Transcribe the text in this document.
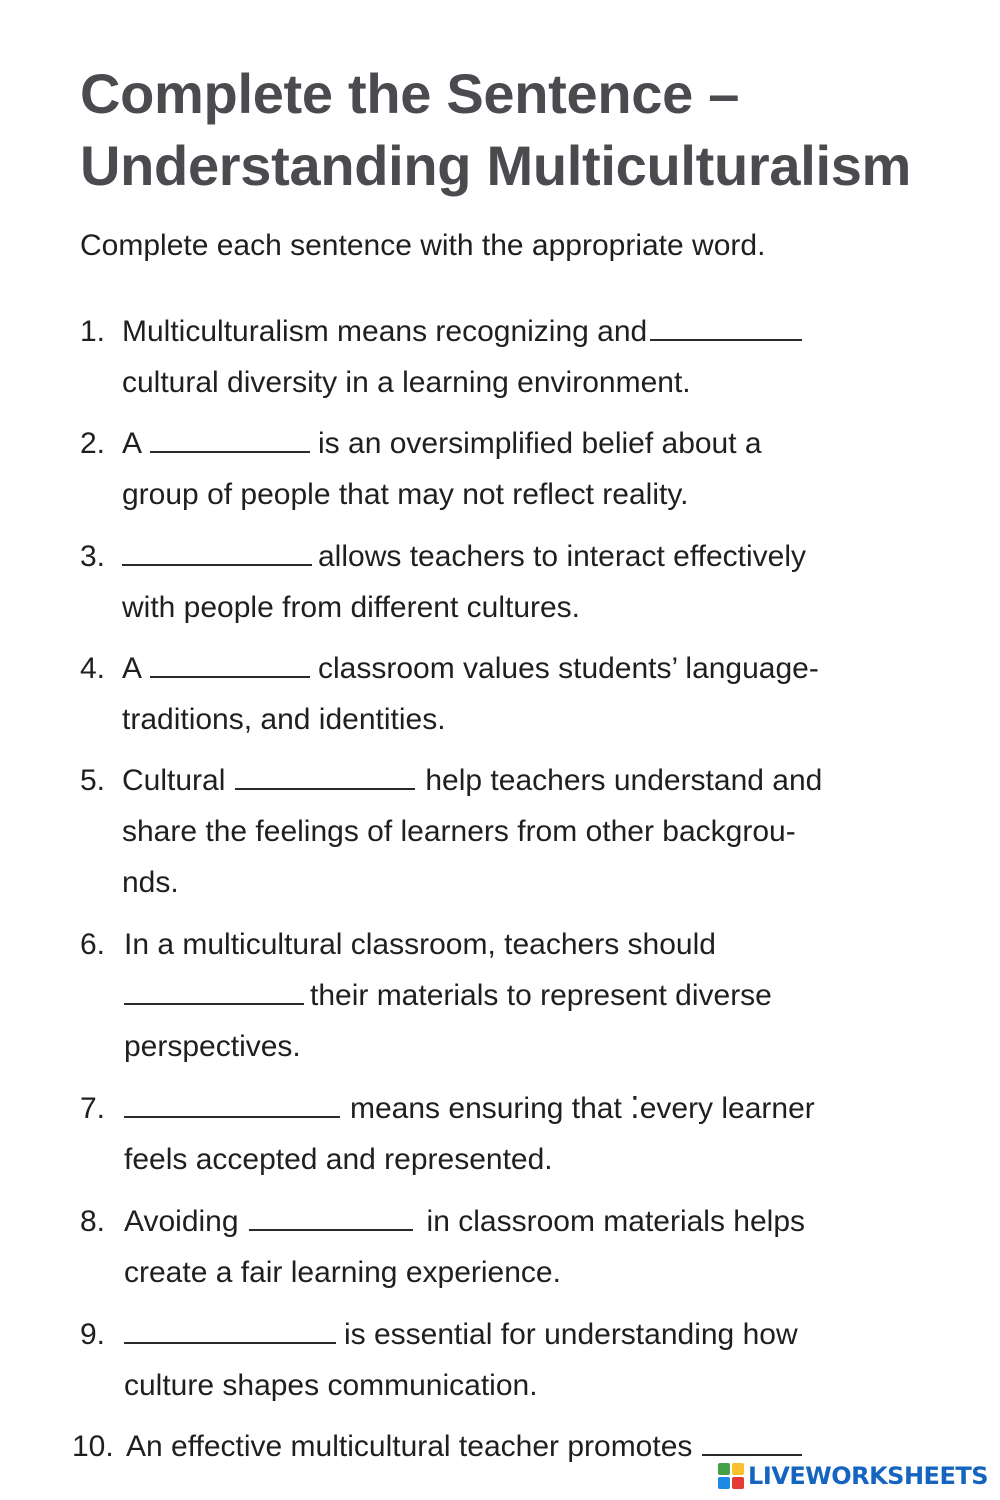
Complete the Sentence –
Understanding Multiculturalism
Complete each sentence with the appropriate word.
1. Multiculturalism means recognizing and
cultural diversity in a learning environment.
2. A	is an oversimplified belief about a
group of people that may not reflect reality.
3.	allows teachers to interact effectively
with people from different cultures.
4. A	classroom values students’ language-
traditions, and identities.
5. Cultural	help teachers understand and
share the feelings of learners from other backgrou-
nds.
6. In a multicultural classroom, teachers should
their materials to represent diverse
perspectives.
7.	means ensuring that ⁚every learner
feels accepted and represented.
8. Avoiding	in classroom materials helps
create a fair learning experience.
9.	is essential for understanding how
culture shapes communication.
10. An effective multicultural teacher promotes
LIVEWORKSHEETS
